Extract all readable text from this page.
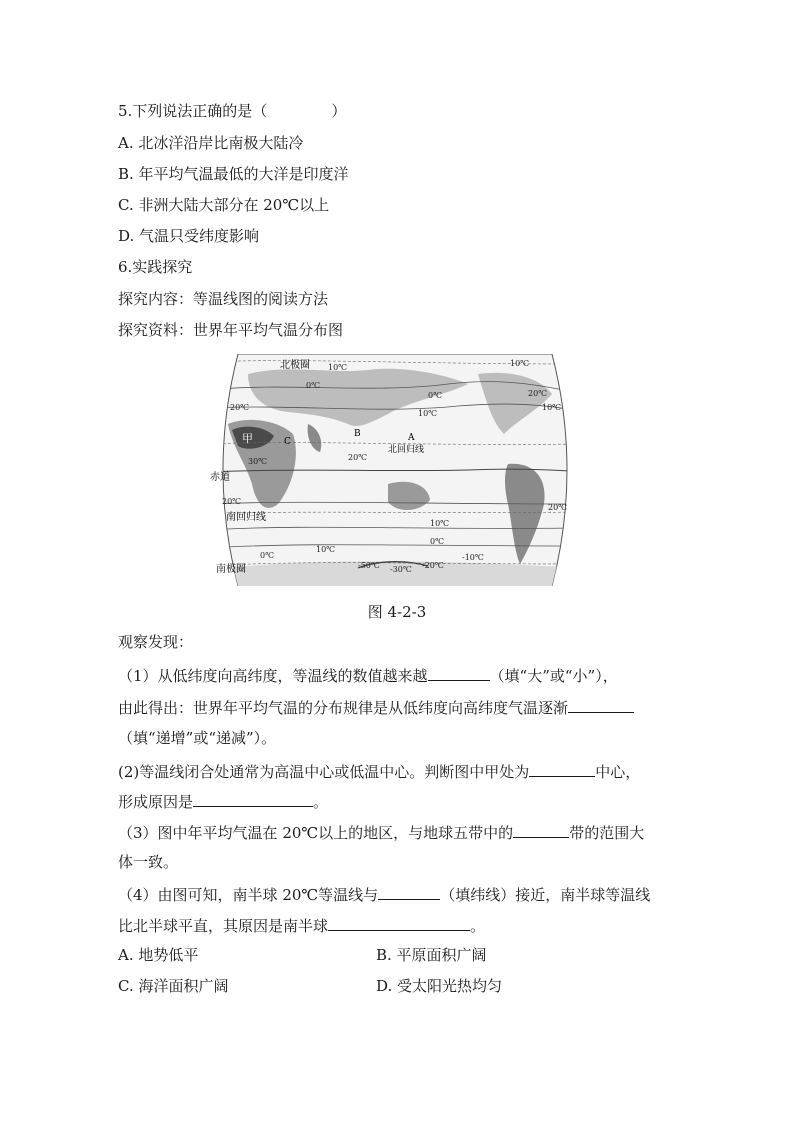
5.下列说法正确的是（	）
A. 北冰洋沿岸比南极大陆冷
B. 年平均气温最低的大洋是印度洋
C. 非洲大陆大部分在 20℃以上
D. 气温只受纬度影响
6.实践探究
探究内容：等温线图的阅读方法
探究资料：世界年平均气温分布图
北极圈
南极圈
北回归线
南回归线
赤道
A
B
C
甲
10℃
0℃
10℃
20℃
0℃
10℃
20℃	10℃
30℃	20℃
20℃
20℃
10℃
0℃
0℃
10℃
-50℃ -30℃ -20℃
-10℃
图 4-2-3
观察发现：
（1）从低纬度向高纬度，等温线的数值越来越	（填“大”或“小”），
由此得出：世界年平均气温的分布规律是从低纬度向高纬度气温逐渐
（填“递增”或“递减”）。
(2)等温线闭合处通常为高温中心或低温中心。判断图中甲处为	中心，
形成原因是	。
（3）图中年平均气温在 20℃以上的地区，与地球五带中的	带的范围大
体一致。
（4）由图可知，南半球 20℃等温线与	（填纬线）接近，南半球等温线
比北半球平直，其原因是南半球	。
A. 地势低平	B. 平原面积广阔
C. 海洋面积广阔	D. 受太阳光热均匀
